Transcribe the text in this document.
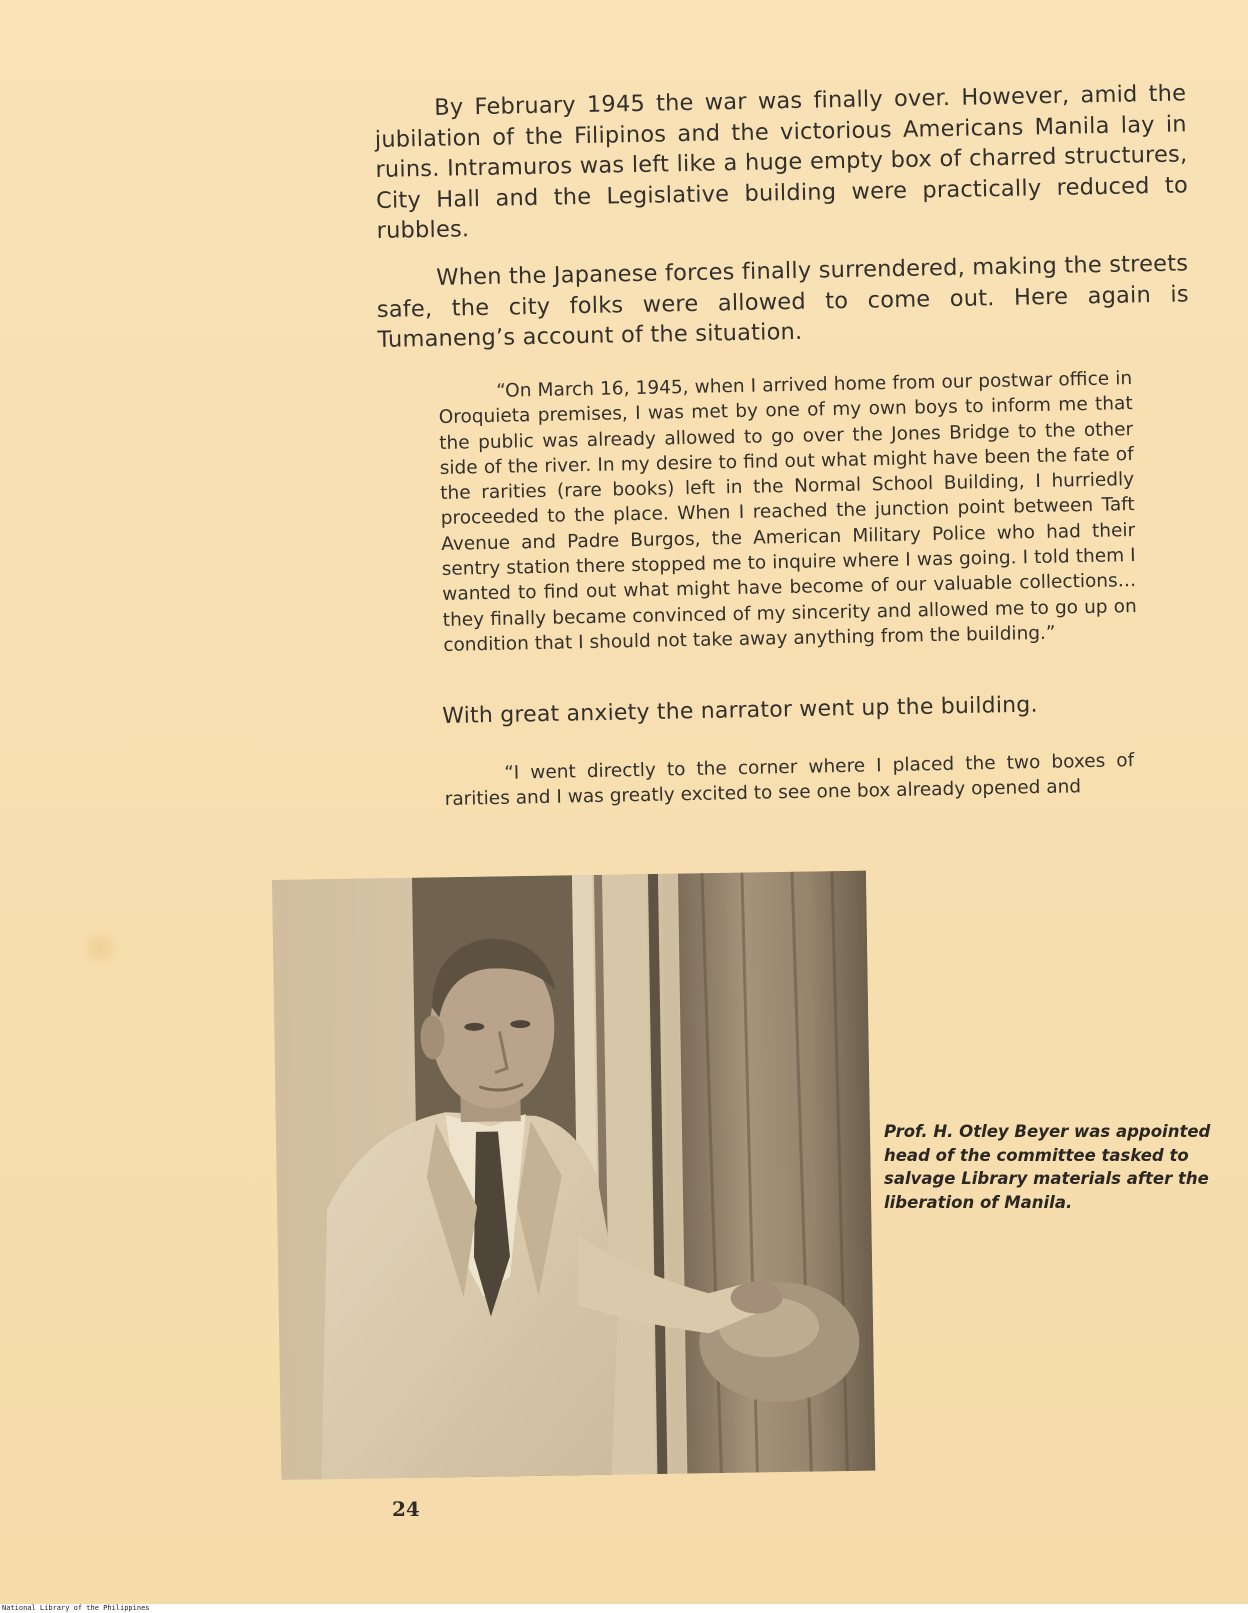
By February 1945 the war was finally over. However, amid the jubilation of the Filipinos and the victorious Americans Manila lay in ruins. Intramuros was left like a huge empty box of charred structures, City Hall and the Legislative building were practically reduced to rubbles.

When the Japanese forces finally surrendered, making the streets safe, the city folks were allowed to come out. Here again is Tumaneng’s account of the situation.

“On March 16, 1945, when I arrived home from our postwar office in Oroquieta premises, I was met by one of my own boys to inform me that the public was already allowed to go over the Jones Bridge to the other side of the river. In my desire to find out what might have been the fate of the rarities (rare books) left in the Normal School Building, I hurriedly proceeded to the place. When I reached the junction point between Taft Avenue and Padre Burgos, the American Military Police who had their sentry station there stopped me to inquire where I was going. I told them I wanted to find out what might have become of our valuable collections… they finally became convinced of my sincerity and allowed me to go up on condition that I should not take away anything from the building.”

With great anxiety the narrator went up the building.

“I went directly to the corner where I placed the two boxes of rarities and I was greatly excited to see one box already opened and

Prof. H. Otley Beyer was appointed head of the committee tasked to salvage Library materials after the liberation of Manila.

24
National Library of the Philippines
